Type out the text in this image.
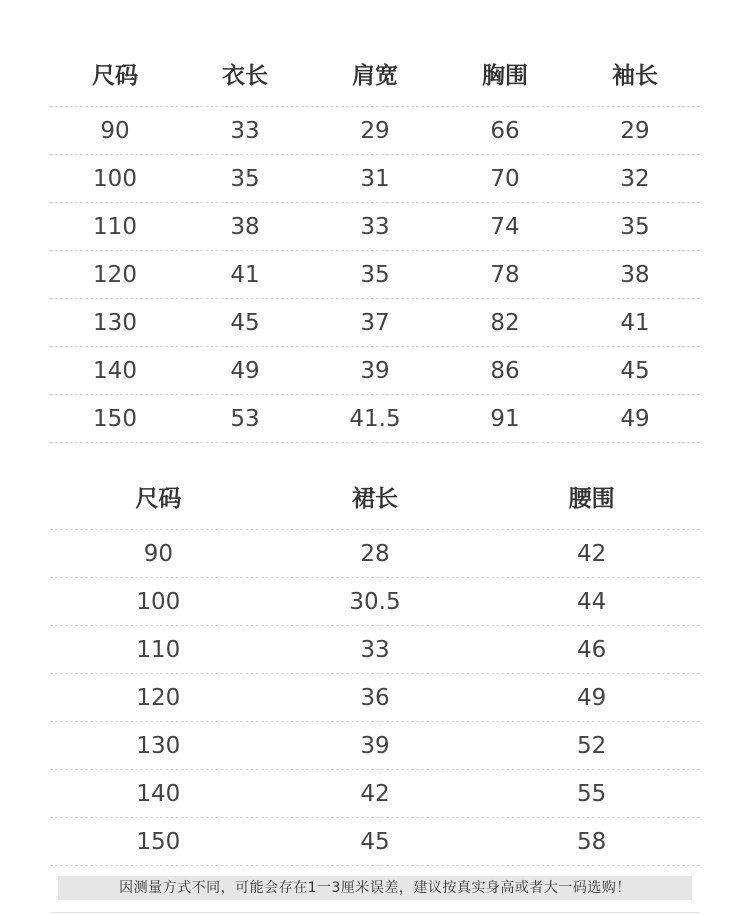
尺码	衣长	肩宽	胸围	袖长
90	33	29	66	29
100	35	31	70	32
110	38	33	74	35
120	41	35	78	38
130	45	37	82	41
140	49	39	86	45
150	53	41.5	91	49
尺码	裙长	腰围
90	28	42
100	30.5	44
110	33	46
120	36	49
130	39	52
140	42	55
150	45	58
因测量方式不同，可能会存在1一3厘米误差，建议按真实身高或者大一码选购！
